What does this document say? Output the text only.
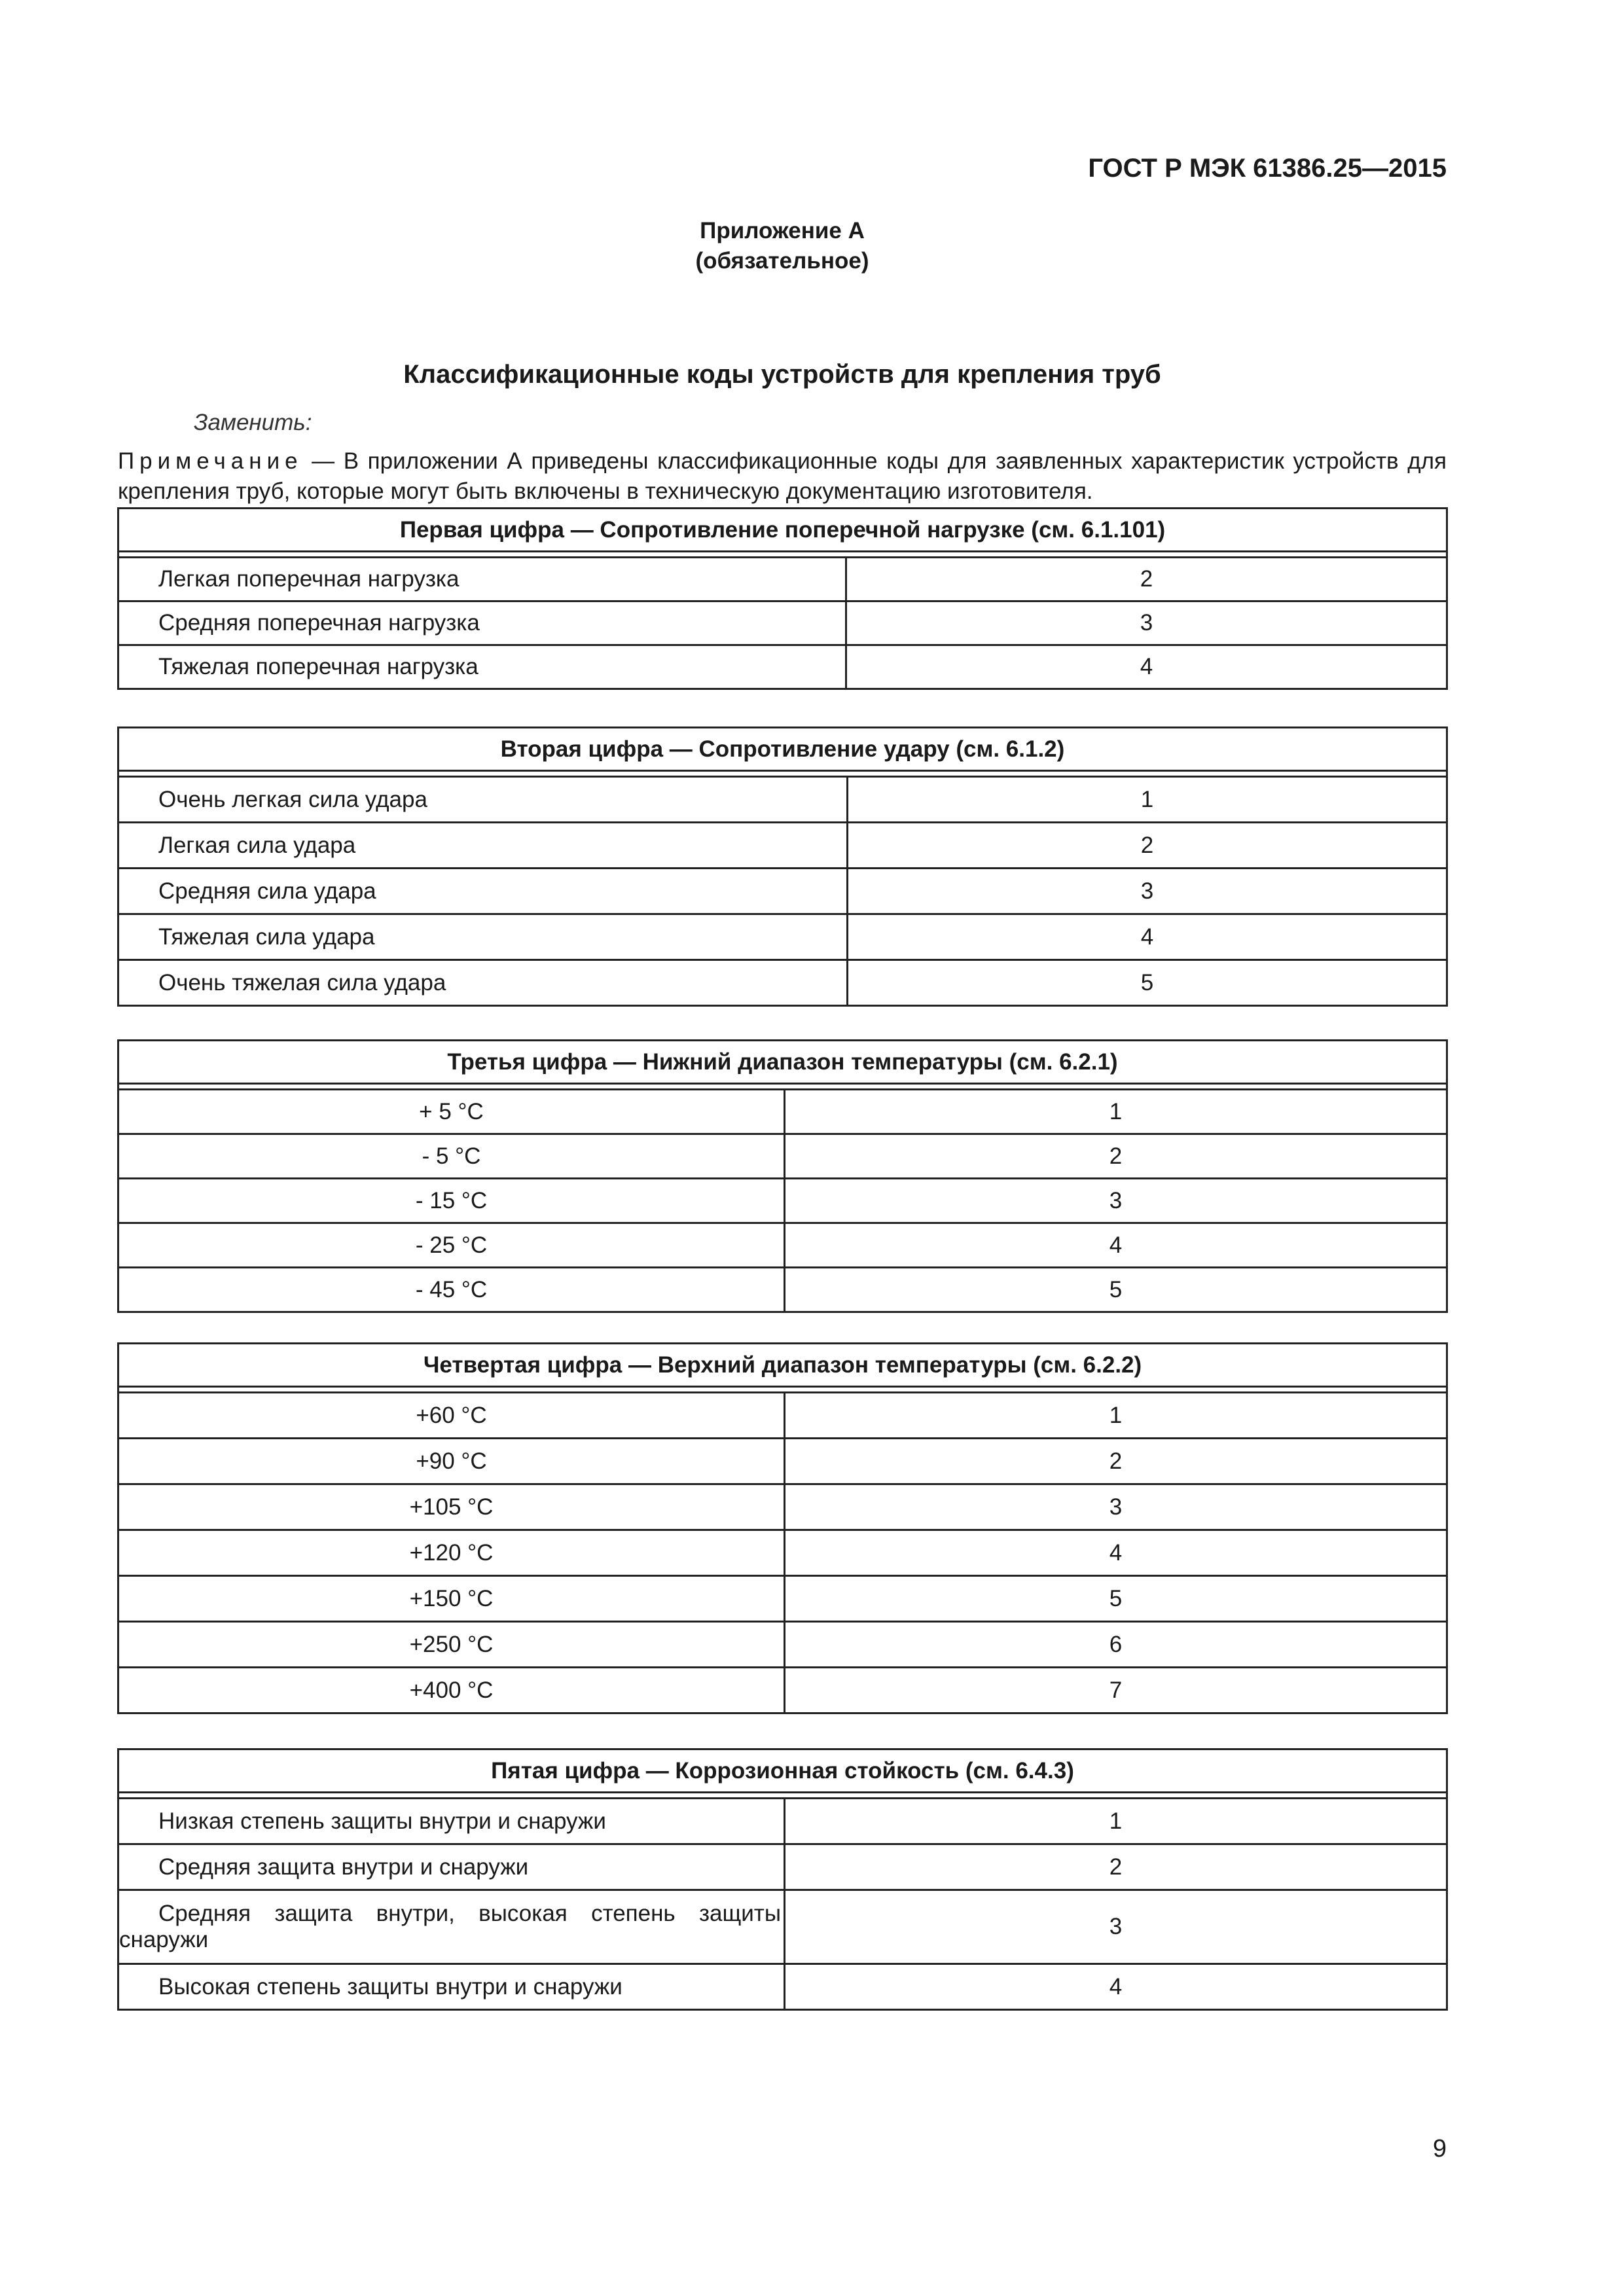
ГОСТ Р МЭК 61386.25—2015
Приложение А
(обязательное)
Классификационные коды устройств для крепления труб
Заменить:
Примечание — В приложении А приведены классификационные коды для заявленных характеристик устройств для крепления труб, которые могут быть включены в техническую документацию изготовителя.
Первая цифра — Сопротивление поперечной нагрузке (см. 6.1.101)	

Легкая поперечная нагрузка	2
Средняя поперечная нагрузка	3
Тяжелая поперечная нагрузка	4
Вторая цифра — Сопротивление удару (см. 6.1.2)	

Очень легкая сила удара	1
Легкая сила удара	2
Средняя сила удара	3
Тяжелая сила удара	4
Очень тяжелая сила удара	5
Третья цифра — Нижний диапазон температуры (см. 6.2.1)	

+ 5 °C	1
- 5 °C	2
- 15 °C	3
- 25 °C	4
- 45 °C	5
Четвертая цифра — Верхний диапазон температуры (см. 6.2.2)	

+60 °C	1
+90 °C	2
+105 °C	3
+120 °C	4
+150 °C	5
+250 °C	6
+400 °C	7
Пятая цифра — Коррозионная стойкость (см. 6.4.3)	

Низкая степень защиты внутри и снаружи	1
Средняя защита внутри и снаружи	2
Средняя защита внутри, высокая степень защиты снаружи	3
Высокая степень защиты внутри и снаружи	4
9
